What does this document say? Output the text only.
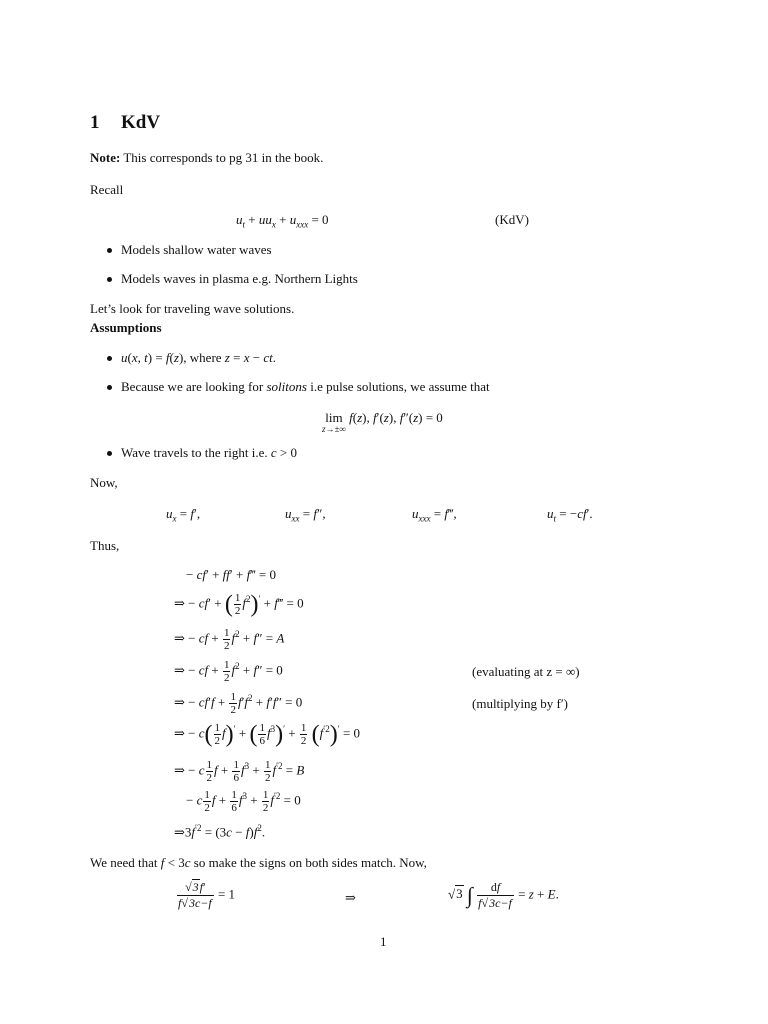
1 KdV
Note: This corresponds to pg 31 in the book.
Recall
$u_t + uu_x + u_{xxx} = 0$	(KdV)
Models shallow water waves
Models waves in plasma e.g. Northern Lights
Let’s look for traveling wave solutions.
Assumptions
u(x, t) = f(z), where z = x − ct.
Because we are looking for solitons i.e pulse solutions, we assume that
lim
z→±∞
f(z), f′(z), f″(z) = 0
Wave travels to the right i.e. c > 0
Now,
$u_x = f'$,	$u_{xx} = f''$,	$u_{xxx}$ = f‴,	$u_t = -cf'$.
Thus,
− cf′ + ff′ + f‴ = 0
⇒ − cf′ + ( $\frac{1}{2} f^2)'$ + f‴ = 0
⇒ − cf + $\frac{1}{2} f^2 + f'' = A$
⇒ − cf + $\frac{1}{2} f^2 + f'' = 0$	(evaluating at z = ∞)
⇒ − $cf'f + \frac{1}{2} f'f^2 + f'f'' = 0$	(multiplying by f′)
⇒ − $c( \frac{1}{2} f)'$ + ( $\frac{1}{6} f^3)' + \frac{1}{2} (f^{'2})' = 0$
⇒ − c $\frac{1}{2}$ $f + \frac{1}{6} f^3 + \frac{1}{2} f^{'2} = B$
− c $\frac{1}{2}$ $f + \frac{1}{6} f^3 + \frac{1}{2} f^{'2} = 0$
$\Rightarrow 3f^{'2} = (3c - f)f^2$.
We need that f < 3c so make the signs on both sides match. Now,
$\frac{√3f'}{f√3c-f} = 1$	⇒	√3 ∫ $\frac{df}{f√3c-f} = z + E$.
1
